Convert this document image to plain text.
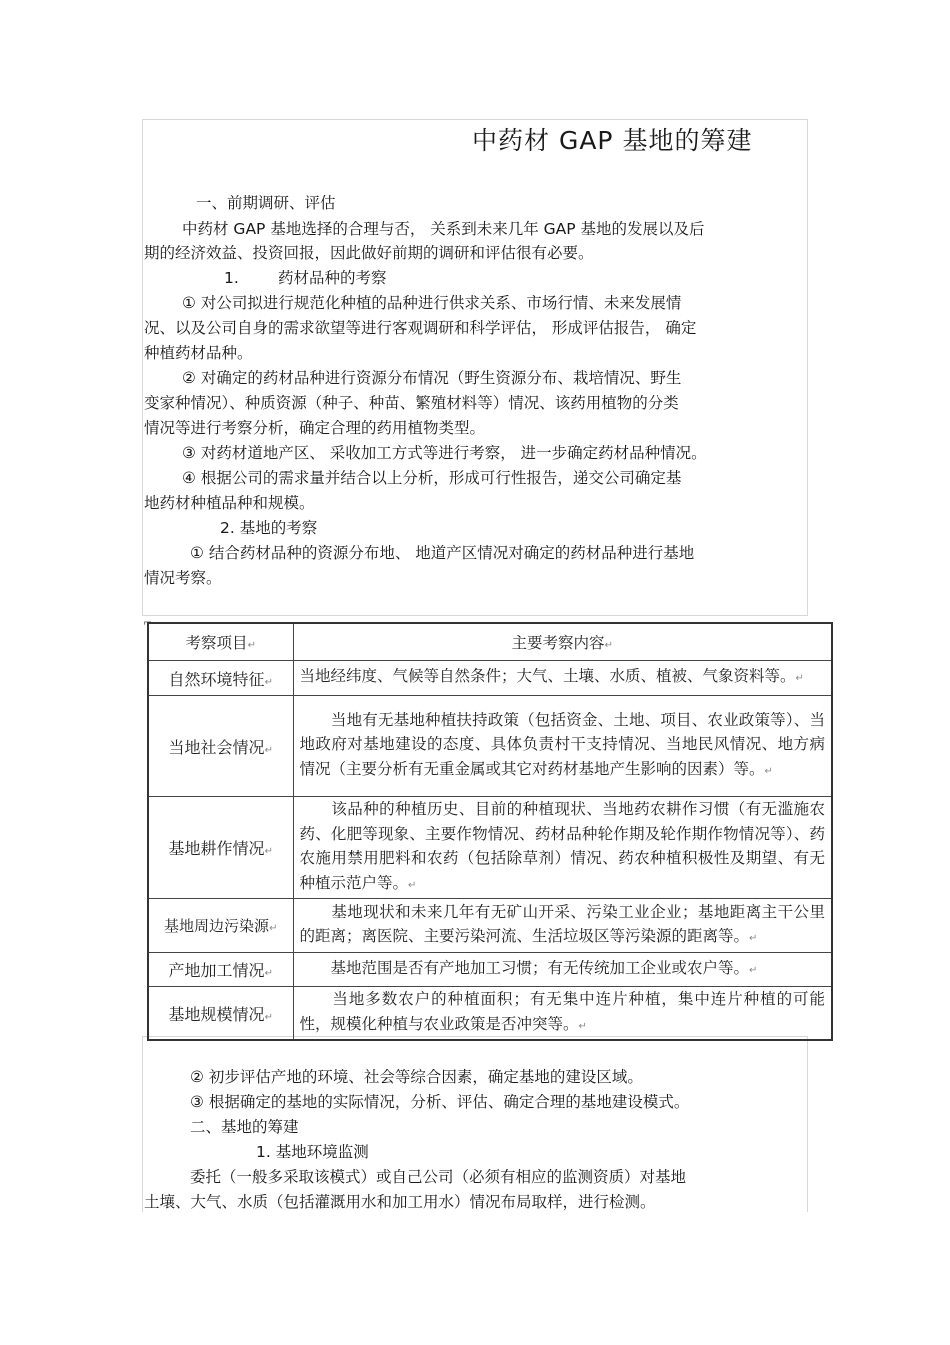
中药材 GAP 基地的筹建
一、前期调研、评估
中药材 GAP 基地选择的合理与否， 关系到未来几年 GAP 基地的发展以及后
期的经济效益、投资回报，因此做好前期的调研和评估很有必要。
1.	药材品种的考察
① 对公司拟进行规范化种植的品种进行供求关系、市场行情、未来发展情
况、以及公司自身的需求欲望等进行客观调研和科学评估， 形成评估报告， 确定
种植药材品种。
② 对确定的药材品种进行资源分布情况（野生资源分布、栽培情况、野生
变家种情况）、种质资源（种子、种苗、繁殖材料等）情况、该药用植物的分类
情况等进行考察分析，确定合理的药用植物类型。
③ 对药材道地产区、 采收加工方式等进行考察， 进一步确定药材品种情况。
④ 根据公司的需求量并结合以上分析，形成可行性报告，递交公司确定基
地药材种植品种和规模。
2. 基地的考察
① 结合药材品种的资源分布地、 地道产区情况对确定的药材品种进行基地
情况考察。
⌐
考察项目↵	主要考察内容↵
自然环境特征↵	当地经纬度、气候等自然条件；大气、土壤、水质、植被、气象资料等。↵
当地社会情况↵	　　当地有无基地种植扶持政策（包括资金、土地、项目、农业政策等）、当地政府对基地建设的态度、具体负责村干支持情况、当地民风情况、地方病情况（主要分析有无重金属或其它对药材基地产生影响的因素）等。↵
基地耕作情况↵	　　该品种的种植历史、目前的种植现状、当地药农耕作习惯（有无滥施农药、化肥等现象、主要作物情况、药材品种轮作期及轮作期作物情况等）、药农施用禁用肥料和农药（包括除草剂）情况、药农种植积极性及期望、有无种植示范户等。↵
基地周边污染源↵	　　基地现状和未来几年有无矿山开采、污染工业企业；基地距离主干公里的距离；离医院、主要污染河流、生活垃圾区等污染源的距离等。↵
产地加工情况↵	　　基地范围是否有产地加工习惯；有无传统加工企业或农户等。↵
基地规模情况↵	　　当地多数农户的种植面积；有无集中连片种植，集中连片种植的可能性，规模化种植与农业政策是否冲突等。↵
② 初步评估产地的环境、社会等综合因素，确定基地的建设区域。
③ 根据确定的基地的实际情况，分析、评估、确定合理的基地建设模式。
二、基地的筹建
1. 基地环境监测
委托（一般多采取该模式）或自己公司（必须有相应的监测资质）对基地
土壤、大气、水质（包括灌溉用水和加工用水）情况布局取样，进行检测。
